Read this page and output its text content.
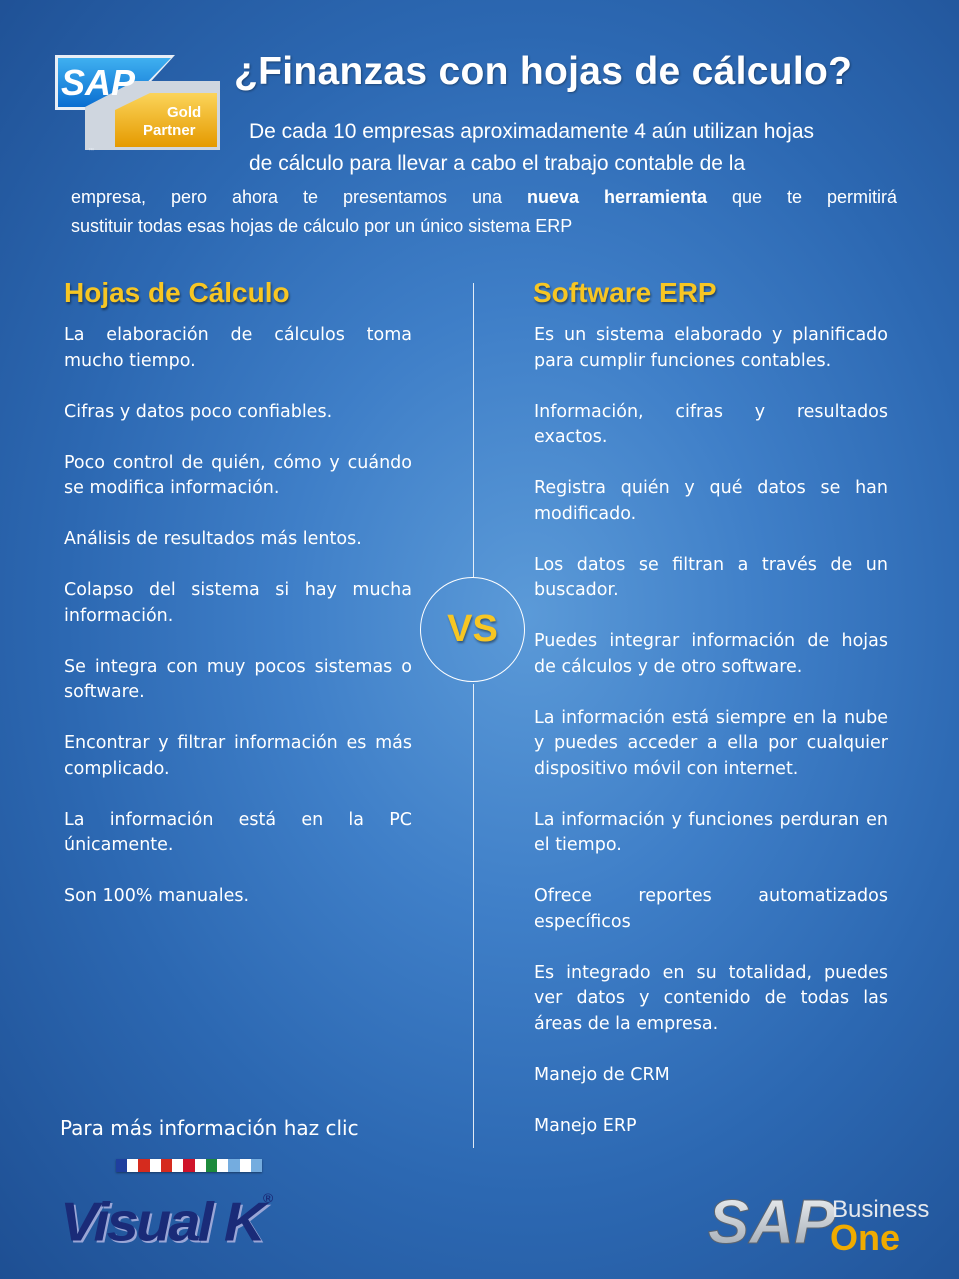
SAP
Gold
Partner
™
¿Finanzas con hojas de cálculo?
De cada 10 empresas aproximadamente 4 aún utilizan hojas
de cálculo para llevar a cabo el trabajo contable de la
empresa, pero ahora te presentamos una nueva herramienta que te permitirá
sustituir todas esas hojas de cálculo por un único sistema ERP
Hojas de Cálculo	Software ERP
La elaboración de cálculos toma mucho tiempo.
Cifras y datos poco confiables.
Poco control de quién, cómo y cuándo se modifica información.
Análisis de resultados más lentos.
Colapso del sistema si hay mucha información.
Se integra con muy pocos sistemas o software.
Encontrar y filtrar información es más complicado.
La información está en la PC únicamente.
Son 100% manuales.
VS
Es un sistema elaborado y planificado para cumplir funciones contables.
Información, cifras y resultados exactos.
Registra quién y qué datos se han modificado.
Los datos se filtran a través de un buscador.
Puedes integrar información de hojas de cálculos y de otro software.
La información está siempre en la nube y puedes acceder a ella por cualquier dispositivo móvil con internet.
La información y funciones perduran en el tiempo.
Ofrece reportes automatizados específicos
Es integrado en su totalidad, puedes ver datos y contenido de todas las áreas de la empresa.
Manejo de CRM
Manejo ERP
Para más información haz clic
Visual K®	SAP
Business
One
